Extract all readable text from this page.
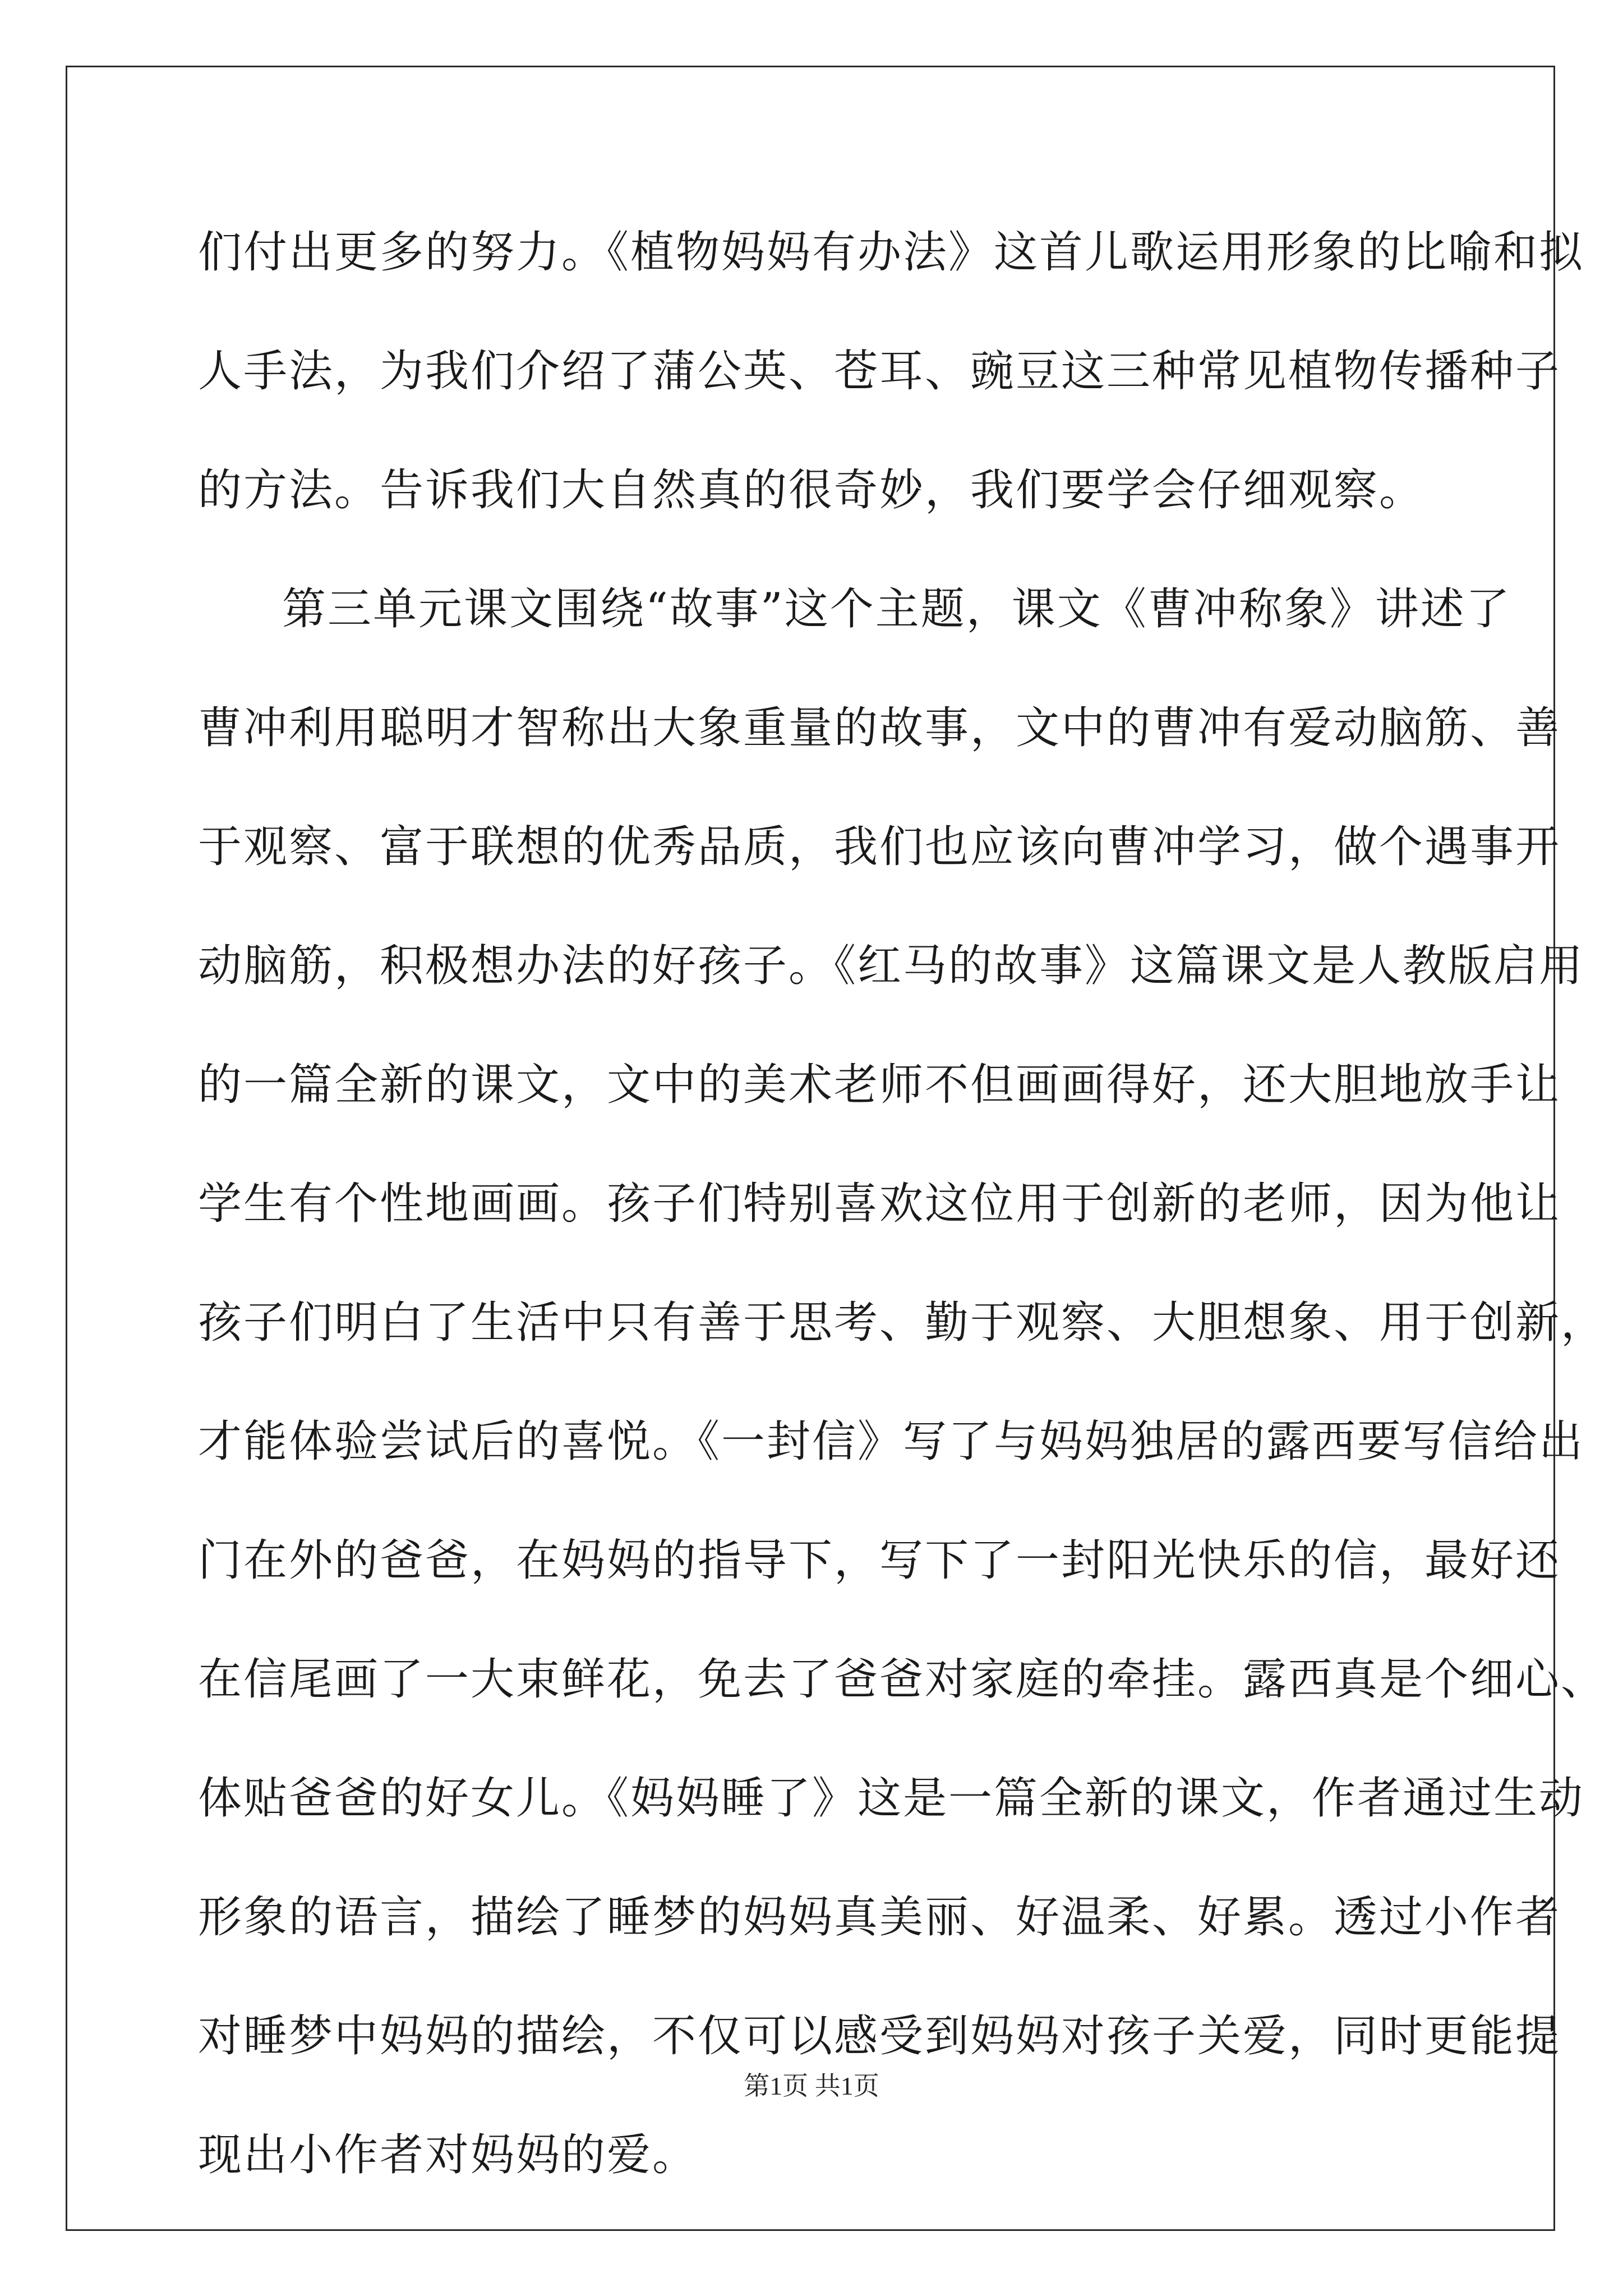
们付出更多的努力。《植物妈妈有办法》这首儿歌运用形象的比喻和拟
人手法，为我们介绍了蒲公英、苍耳、豌豆这三种常见植物传播种子
的方法。告诉我们大自然真的很奇妙，我们要学会仔细观察。
第三单元课文围绕“故事”这个主题，课文《曹冲称象》讲述了
曹冲利用聪明才智称出大象重量的故事，文中的曹冲有爱动脑筋、善
于观察、富于联想的优秀品质，我们也应该向曹冲学习，做个遇事开
动脑筋，积极想办法的好孩子。《红马的故事》这篇课文是人教版启用
的一篇全新的课文，文中的美术老师不但画画得好，还大胆地放手让
学生有个性地画画。孩子们特别喜欢这位用于创新的老师，因为他让
孩子们明白了生活中只有善于思考、勤于观察、大胆想象、用于创新，
才能体验尝试后的喜悦。《一封信》写了与妈妈独居的露西要写信给出
门在外的爸爸，在妈妈的指导下，写下了一封阳光快乐的信，最好还
在信尾画了一大束鲜花，免去了爸爸对家庭的牵挂。露西真是个细心、
体贴爸爸的好女儿。《妈妈睡了》这是一篇全新的课文，作者通过生动
形象的语言，描绘了睡梦的妈妈真美丽、好温柔、好累。透过小作者
对睡梦中妈妈的描绘，不仅可以感受到妈妈对孩子关爱，同时更能提
现出小作者对妈妈的爱。
第1页 共1页
